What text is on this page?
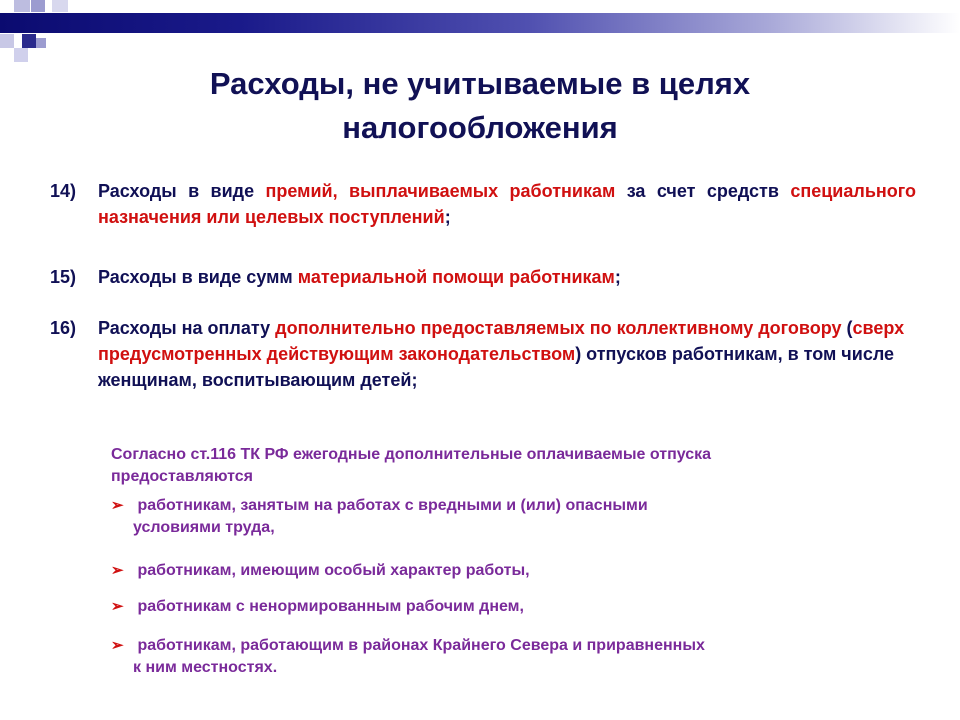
Расходы, не учитываемые в целях
налогообложения
14)	Расходы в виде премий, выплачиваемых работникам за счет средств специального назначения или целевых поступлений;
15)	Расходы в виде сумм материальной помощи работникам;
16)	Расходы на оплату дополнительно предоставляемых по коллективному договору (сверх предусмотренных действующим законодательством) отпусков работникам, в том числе женщинам, воспитывающим детей;
Согласно ст.116 ТК РФ ежегодные дополнительные оплачиваемые отпуска
предоставляются
➢ работникам, занятым на работах с вредными и (или) опасными
условиями труда,
➢ работникам, имеющим особый характер работы,
➢ работникам с ненормированным рабочим днем,
➢ работникам, работающим в районах Крайнего Севера и приравненных
к ним местностях.
